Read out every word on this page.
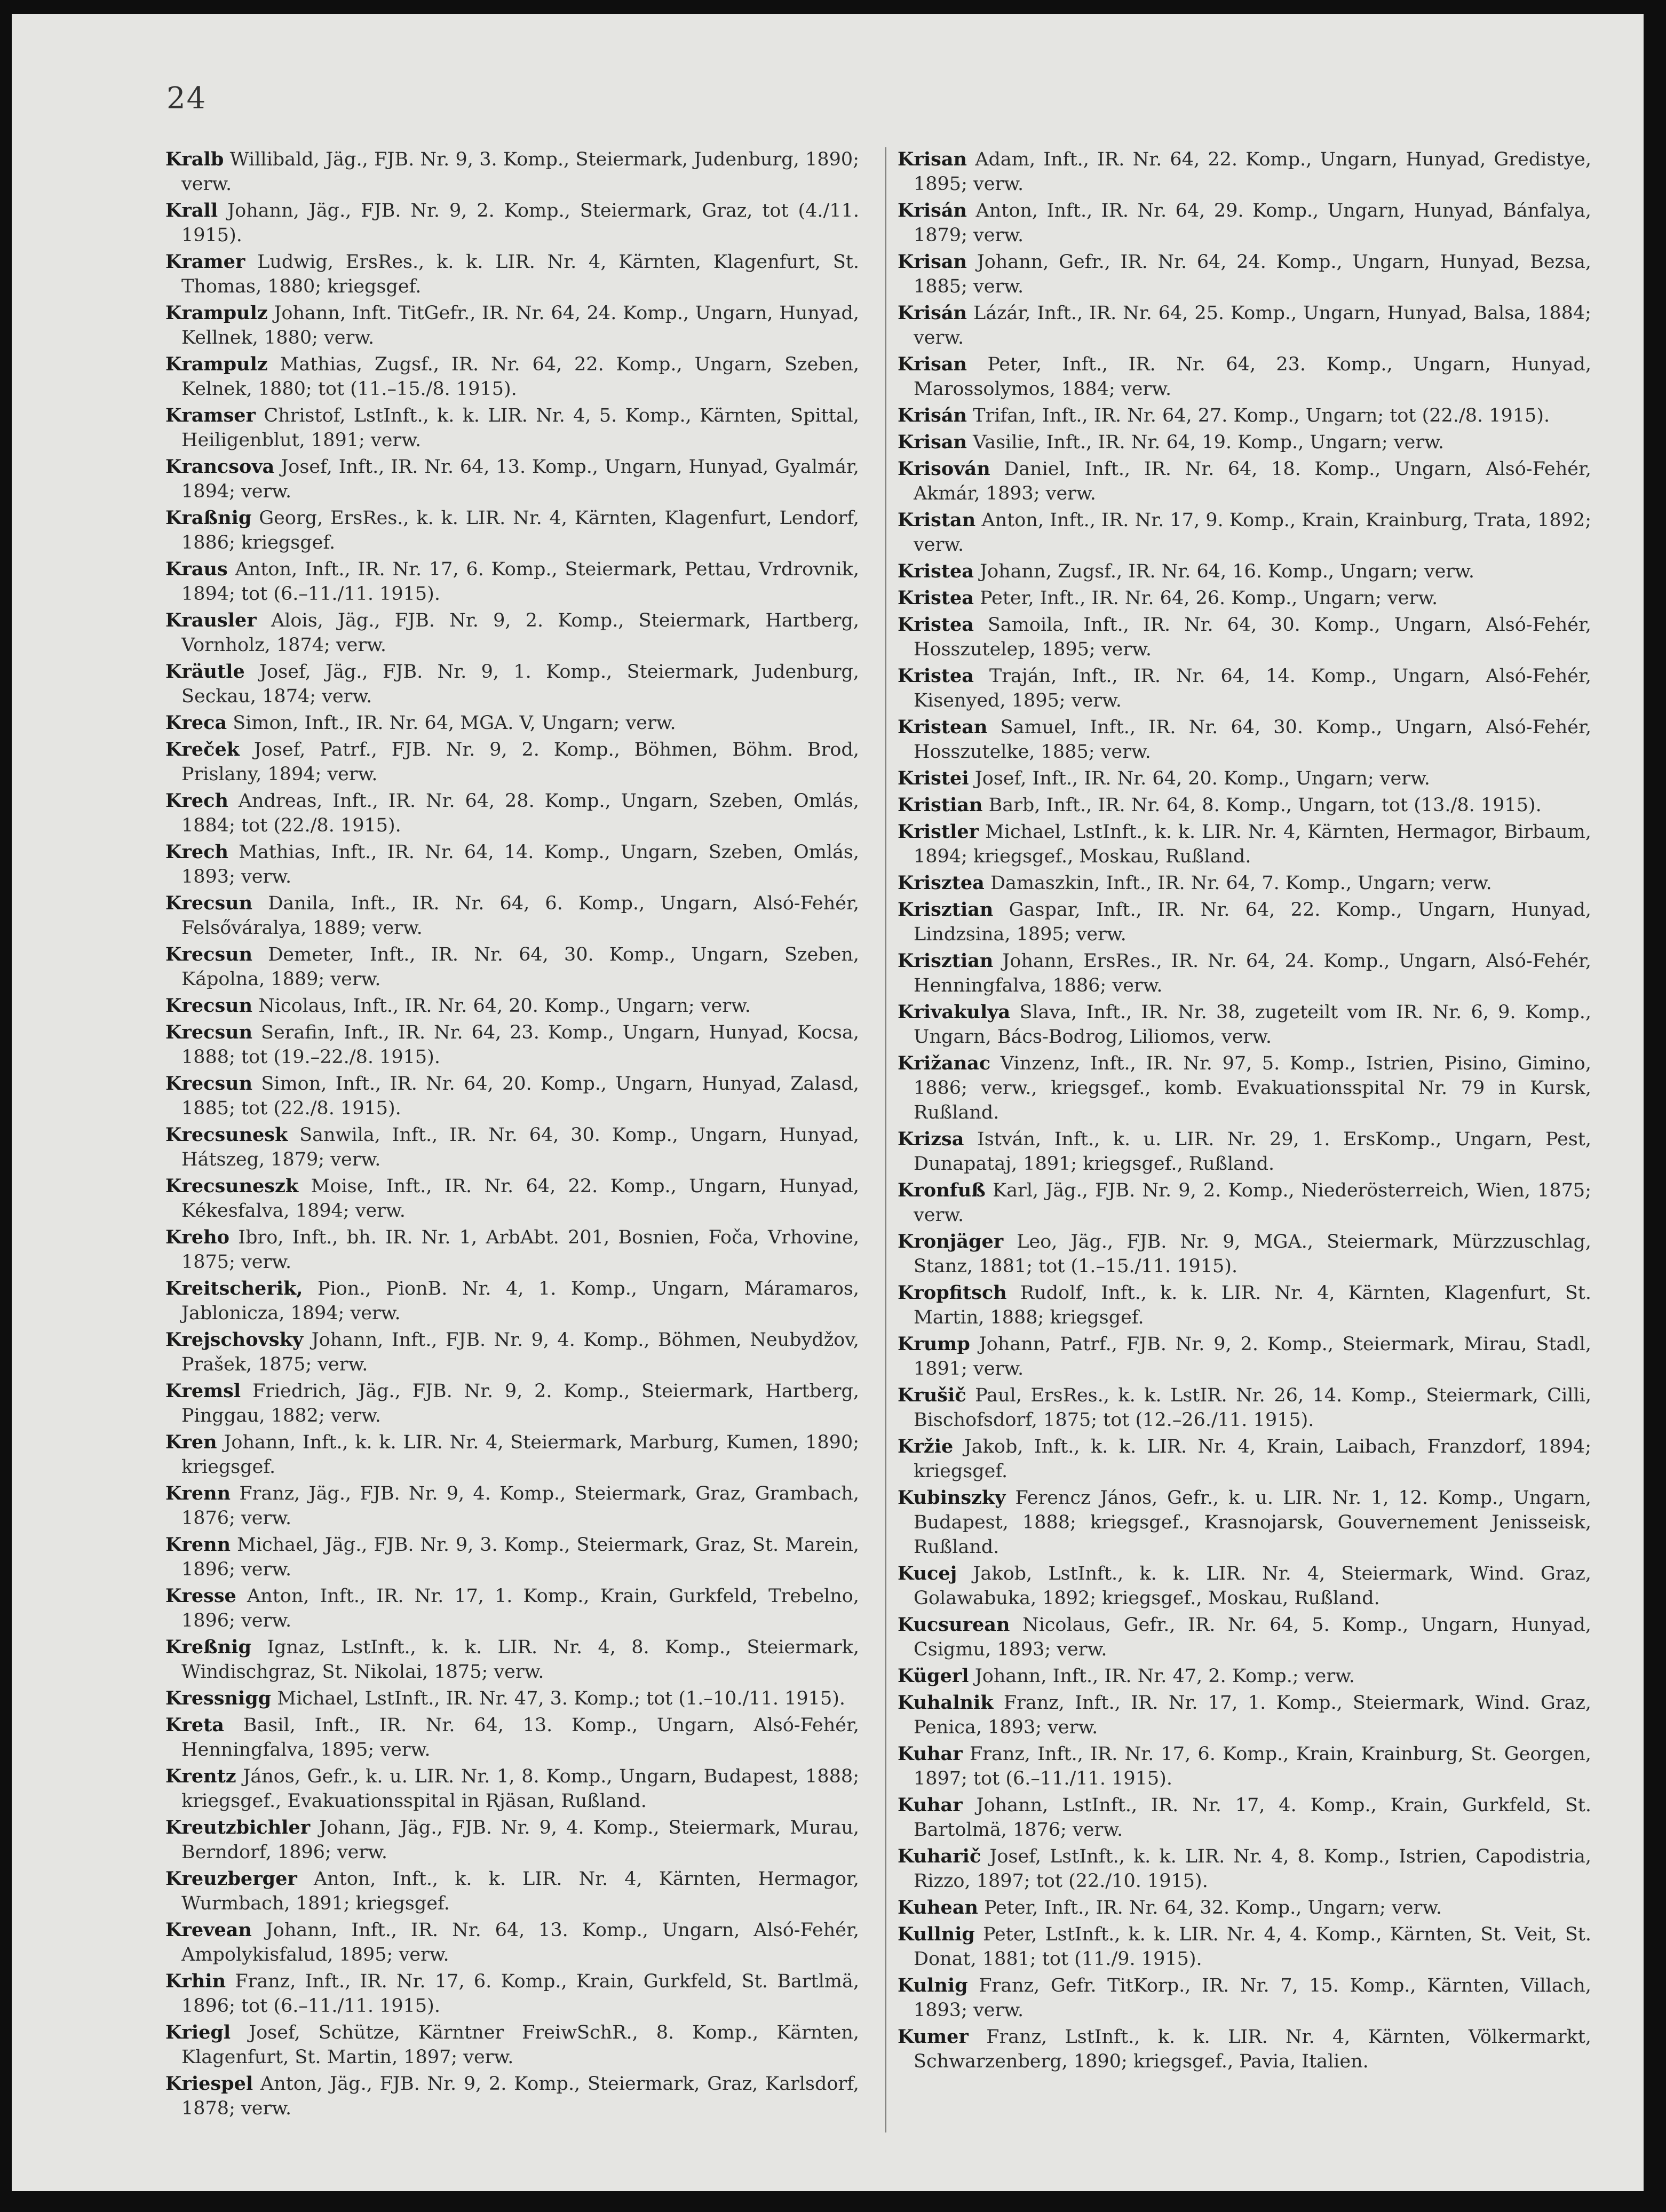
24

Kralb Willibald, Jäg., FJB. Nr. 9, 3. Komp., Steiermark, Judenburg, 1890; verw.

Krall Johann, Jäg., FJB. Nr. 9, 2. Komp., Steiermark, Graz, tot (4./11. 1915).

Kramer Ludwig, ErsRes., k. k. LIR. Nr. 4, Kärnten, Klagenfurt, St. Thomas, 1880; kriegsgef.

Krampulz Johann, Inft. TitGefr., IR. Nr. 64, 24. Komp., Ungarn, Hunyad, Kellnek, 1880; verw.

Krampulz Mathias, Zugsf., IR. Nr. 64, 22. Komp., Ungarn, Szeben, Kelnek, 1880; tot (11.–15./8. 1915).

Kramser Christof, LstInft., k. k. LIR. Nr. 4, 5. Komp., Kärnten, Spittal, Heiligenblut, 1891; verw.

Krancsova Josef, Inft., IR. Nr. 64, 13. Komp., Ungarn, Hunyad, Gyalmár, 1894; verw.

Kraßnig Georg, ErsRes., k. k. LIR. Nr. 4, Kärnten, Klagenfurt, Lendorf, 1886; kriegsgef.

Kraus Anton, Inft., IR. Nr. 17, 6. Komp., Steiermark, Pettau, Vrdrovnik, 1894; tot (6.–11./11. 1915).

Krausler Alois, Jäg., FJB. Nr. 9, 2. Komp., Steiermark, Hartberg, Vornholz, 1874; verw.

Kräutle Josef, Jäg., FJB. Nr. 9, 1. Komp., Steiermark, Judenburg, Seckau, 1874; verw.

Kreca Simon, Inft., IR. Nr. 64, MGA. V, Ungarn; verw.

Kreček Josef, Patrf., FJB. Nr. 9, 2. Komp., Böhmen, Böhm. Brod, Prislany, 1894; verw.

Krech Andreas, Inft., IR. Nr. 64, 28. Komp., Ungarn, Szeben, Omlás, 1884; tot (22./8. 1915).

Krech Mathias, Inft., IR. Nr. 64, 14. Komp., Ungarn, Szeben, Omlás, 1893; verw.

Krecsun Danila, Inft., IR. Nr. 64, 6. Komp., Ungarn, Alsó-Fehér, Felsőváralya, 1889; verw.

Krecsun Demeter, Inft., IR. Nr. 64, 30. Komp., Ungarn, Szeben, Kápolna, 1889; verw.

Krecsun Nicolaus, Inft., IR. Nr. 64, 20. Komp., Ungarn; verw.

Krecsun Serafin, Inft., IR. Nr. 64, 23. Komp., Ungarn, Hunyad, Kocsa, 1888; tot (19.–22./8. 1915).

Krecsun Simon, Inft., IR. Nr. 64, 20. Komp., Ungarn, Hunyad, Zalasd, 1885; tot (22./8. 1915).

Krecsunesk Sanwila, Inft., IR. Nr. 64, 30. Komp., Ungarn, Hunyad, Hátszeg, 1879; verw.

Krecsuneszk Moise, Inft., IR. Nr. 64, 22. Komp., Ungarn, Hunyad, Kékesfalva, 1894; verw.

Kreho Ibro, Inft., bh. IR. Nr. 1, ArbAbt. 201, Bosnien, Foča, Vrhovine, 1875; verw.

Kreitscherik, Pion., PionB. Nr. 4, 1. Komp., Ungarn, Máramaros, Jablonicza, 1894; verw.

Krejschovsky Johann, Inft., FJB. Nr. 9, 4. Komp., Böhmen, Neubydžov, Prašek, 1875; verw.

Kremsl Friedrich, Jäg., FJB. Nr. 9, 2. Komp., Steiermark, Hartberg, Pinggau, 1882; verw.

Kren Johann, Inft., k. k. LIR. Nr. 4, Steiermark, Marburg, Kumen, 1890; kriegsgef.

Krenn Franz, Jäg., FJB. Nr. 9, 4. Komp., Steiermark, Graz, Grambach, 1876; verw.

Krenn Michael, Jäg., FJB. Nr. 9, 3. Komp., Steiermark, Graz, St. Marein, 1896; verw.

Kresse Anton, Inft., IR. Nr. 17, 1. Komp., Krain, Gurkfeld, Trebelno, 1896; verw.

Kreßnig Ignaz, LstInft., k. k. LIR. Nr. 4, 8. Komp., Steiermark, Windischgraz, St. Nikolai, 1875; verw.

Kressnigg Michael, LstInft., IR. Nr. 47, 3. Komp.; tot (1.–10./11. 1915).

Kreta Basil, Inft., IR. Nr. 64, 13. Komp., Ungarn, Alsó-Fehér, Henningfalva, 1895; verw.

Krentz János, Gefr., k. u. LIR. Nr. 1, 8. Komp., Ungarn, Budapest, 1888; kriegsgef., Evakuationsspital in Rjäsan, Rußland.

Kreutzbichler Johann, Jäg., FJB. Nr. 9, 4. Komp., Steiermark, Murau, Berndorf, 1896; verw.

Kreuzberger Anton, Inft., k. k. LIR. Nr. 4, Kärnten, Hermagor, Wurmbach, 1891; kriegsgef.

Krevean Johann, Inft., IR. Nr. 64, 13. Komp., Ungarn, Alsó-Fehér, Ampolykisfalud, 1895; verw.

Krhin Franz, Inft., IR. Nr. 17, 6. Komp., Krain, Gurkfeld, St. Bartlmä, 1896; tot (6.–11./11. 1915).

Kriegl Josef, Schütze, Kärntner FreiwSchR., 8. Komp., Kärnten, Klagenfurt, St. Martin, 1897; verw.

Kriespel Anton, Jäg., FJB. Nr. 9, 2. Komp., Steiermark, Graz, Karlsdorf, 1878; verw.

Krisan Adam, Inft., IR. Nr. 64, 22. Komp., Ungarn, Hunyad, Gredistye, 1895; verw.

Krisán Anton, Inft., IR. Nr. 64, 29. Komp., Ungarn, Hunyad, Bánfalya, 1879; verw.

Krisan Johann, Gefr., IR. Nr. 64, 24. Komp., Ungarn, Hunyad, Bezsa, 1885; verw.

Krisán Lázár, Inft., IR. Nr. 64, 25. Komp., Ungarn, Hunyad, Balsa, 1884; verw.

Krisan Peter, Inft., IR. Nr. 64, 23. Komp., Ungarn, Hunyad, Marossolymos, 1884; verw.

Krisán Trifan, Inft., IR. Nr. 64, 27. Komp., Ungarn; tot (22./8. 1915).

Krisan Vasilie, Inft., IR. Nr. 64, 19. Komp., Ungarn; verw.

Krisován Daniel, Inft., IR. Nr. 64, 18. Komp., Ungarn, Alsó-Fehér, Akmár, 1893; verw.

Kristan Anton, Inft., IR. Nr. 17, 9. Komp., Krain, Krainburg, Trata, 1892; verw.

Kristea Johann, Zugsf., IR. Nr. 64, 16. Komp., Ungarn; verw.

Kristea Peter, Inft., IR. Nr. 64, 26. Komp., Ungarn; verw.

Kristea Samoila, Inft., IR. Nr. 64, 30. Komp., Ungarn, Alsó-Fehér, Hosszutelep, 1895; verw.

Kristea Traján, Inft., IR. Nr. 64, 14. Komp., Ungarn, Alsó-Fehér, Kisenyed, 1895; verw.

Kristean Samuel, Inft., IR. Nr. 64, 30. Komp., Ungarn, Alsó-Fehér, Hosszutelke, 1885; verw.

Kristei Josef, Inft., IR. Nr. 64, 20. Komp., Ungarn; verw.

Kristian Barb, Inft., IR. Nr. 64, 8. Komp., Ungarn, tot (13./8. 1915).

Kristler Michael, LstInft., k. k. LIR. Nr. 4, Kärnten, Hermagor, Birbaum, 1894; kriegsgef., Moskau, Rußland.

Krisztea Damaszkin, Inft., IR. Nr. 64, 7. Komp., Ungarn; verw.

Krisztian Gaspar, Inft., IR. Nr. 64, 22. Komp., Ungarn, Hunyad, Lindzsina, 1895; verw.

Krisztian Johann, ErsRes., IR. Nr. 64, 24. Komp., Ungarn, Alsó-Fehér, Henningfalva, 1886; verw.

Krivakulya Slava, Inft., IR. Nr. 38, zugeteilt vom IR. Nr. 6, 9. Komp., Ungarn, Bács-Bodrog, Liliomos, verw.

Križanac Vinzenz, Inft., IR. Nr. 97, 5. Komp., Istrien, Pisino, Gimino, 1886; verw., kriegsgef., komb. Evakuationsspital Nr. 79 in Kursk, Rußland.

Krizsa István, Inft., k. u. LIR. Nr. 29, 1. ErsKomp., Ungarn, Pest, Dunapataj, 1891; kriegsgef., Rußland.

Kronfuß Karl, Jäg., FJB. Nr. 9, 2. Komp., Niederösterreich, Wien, 1875; verw.

Kronjäger Leo, Jäg., FJB. Nr. 9, MGA., Steiermark, Mürzzuschlag, Stanz, 1881; tot (1.–15./11. 1915).

Kropfitsch Rudolf, Inft., k. k. LIR. Nr. 4, Kärnten, Klagenfurt, St. Martin, 1888; kriegsgef.

Krump Johann, Patrf., FJB. Nr. 9, 2. Komp., Steiermark, Mirau, Stadl, 1891; verw.

Krušič Paul, ErsRes., k. k. LstIR. Nr. 26, 14. Komp., Steiermark, Cilli, Bischofsdorf, 1875; tot (12.–26./11. 1915).

Kržie Jakob, Inft., k. k. LIR. Nr. 4, Krain, Laibach, Franzdorf, 1894; kriegsgef.

Kubinszky Ferencz János, Gefr., k. u. LIR. Nr. 1, 12. Komp., Ungarn, Budapest, 1888; kriegsgef., Krasnojarsk, Gouvernement Jenisseisk, Rußland.

Kucej Jakob, LstInft., k. k. LIR. Nr. 4, Steiermark, Wind. Graz, Golawabuka, 1892; kriegsgef., Moskau, Rußland.

Kucsurean Nicolaus, Gefr., IR. Nr. 64, 5. Komp., Ungarn, Hunyad, Csigmu, 1893; verw.

Kügerl Johann, Inft., IR. Nr. 47, 2. Komp.; verw.

Kuhalnik Franz, Inft., IR. Nr. 17, 1. Komp., Steiermark, Wind. Graz, Penica, 1893; verw.

Kuhar Franz, Inft., IR. Nr. 17, 6. Komp., Krain, Krainburg, St. Georgen, 1897; tot (6.–11./11. 1915).

Kuhar Johann, LstInft., IR. Nr. 17, 4. Komp., Krain, Gurkfeld, St. Bartolmä, 1876; verw.

Kuharič Josef, LstInft., k. k. LIR. Nr. 4, 8. Komp., Istrien, Capodistria, Rizzo, 1897; tot (22./10. 1915).

Kuhean Peter, Inft., IR. Nr. 64, 32. Komp., Ungarn; verw.

Kullnig Peter, LstInft., k. k. LIR. Nr. 4, 4. Komp., Kärnten, St. Veit, St. Donat, 1881; tot (11./9. 1915).

Kulnig Franz, Gefr. TitKorp., IR. Nr. 7, 15. Komp., Kärnten, Villach, 1893; verw.

Kumer Franz, LstInft., k. k. LIR. Nr. 4, Kärnten, Völkermarkt, Schwarzenberg, 1890; kriegsgef., Pavia, Italien.
